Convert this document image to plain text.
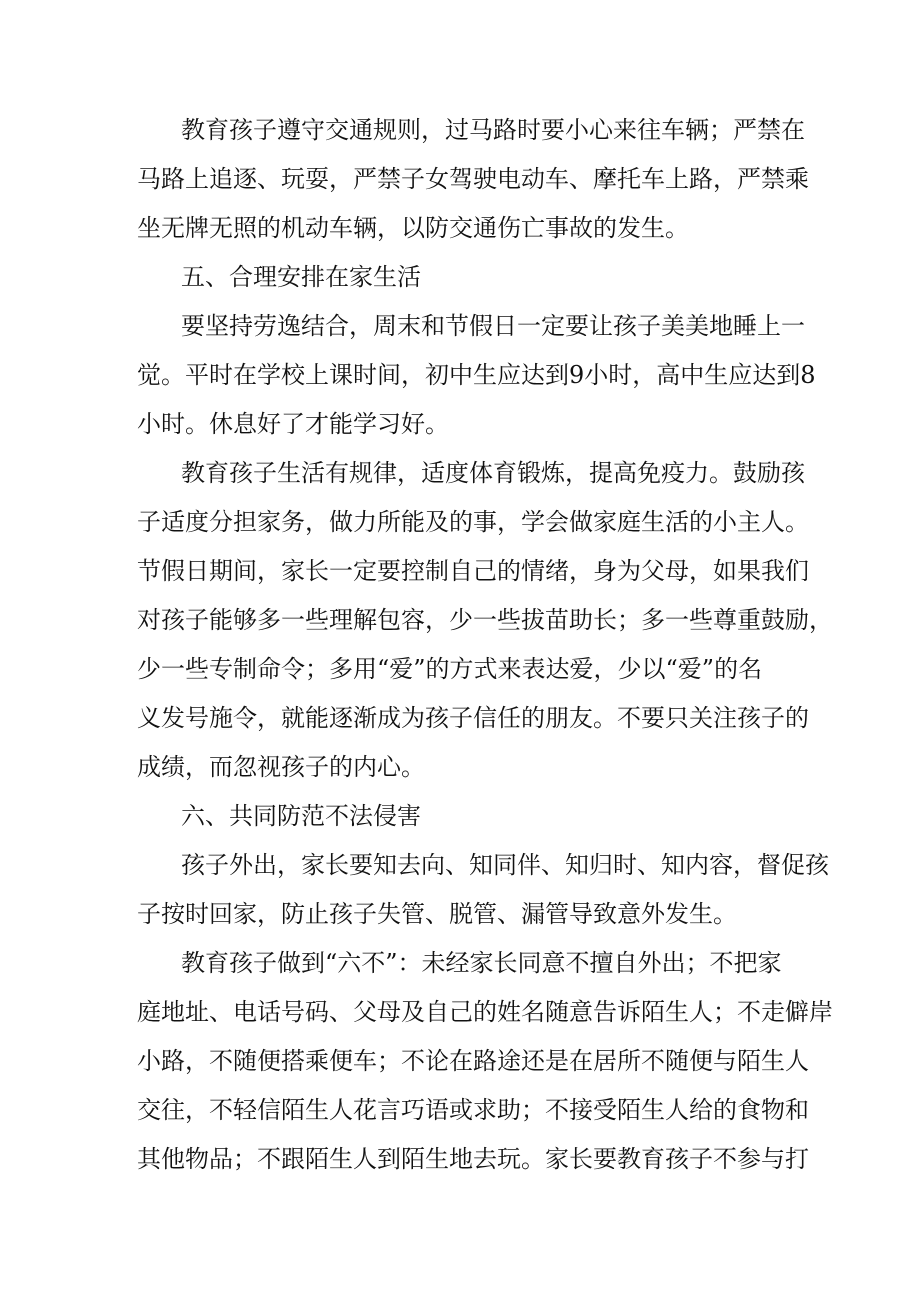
教育孩子遵守交通规则，过马路时要小心来往车辆；严禁在
马路上追逐、玩耍，严禁子女驾驶电动车、摩托车上路，严禁乘
坐无牌无照的机动车辆，以防交通伤亡事故的发生。
五、合理安排在家生活
要坚持劳逸结合，周末和节假日一定要让孩子美美地睡上一
觉。平时在学校上课时间，初中生应达到9小时，高中生应达到8
小时。休息好了才能学习好。
教育孩子生活有规律，适度体育锻炼，提高免疫力。鼓励孩
子适度分担家务，做力所能及的事，学会做家庭生活的小主人。
节假日期间，家长一定要控制自己的情绪，身为父母，如果我们
对孩子能够多一些理解包容，少一些拔苗助长；多一些尊重鼓励，
少一些专制命令；多用“爱”的方式来表达爱，少以“爱”的名
义发号施令，就能逐渐成为孩子信任的朋友。不要只关注孩子的
成绩，而忽视孩子的内心。
六、共同防范不法侵害
孩子外出，家长要知去向、知同伴、知归时、知内容，督促孩
子按时回家，防止孩子失管、脱管、漏管导致意外发生。
教育孩子做到“六不”：未经家长同意不擅自外出；不把家
庭地址、电话号码、父母及自己的姓名随意告诉陌生人；不走僻岸
小路，不随便搭乘便车；不论在路途还是在居所不随便与陌生人
交往，不轻信陌生人花言巧语或求助；不接受陌生人给的食物和
其他物品；不跟陌生人到陌生地去玩。家长要教育孩子不参与打
